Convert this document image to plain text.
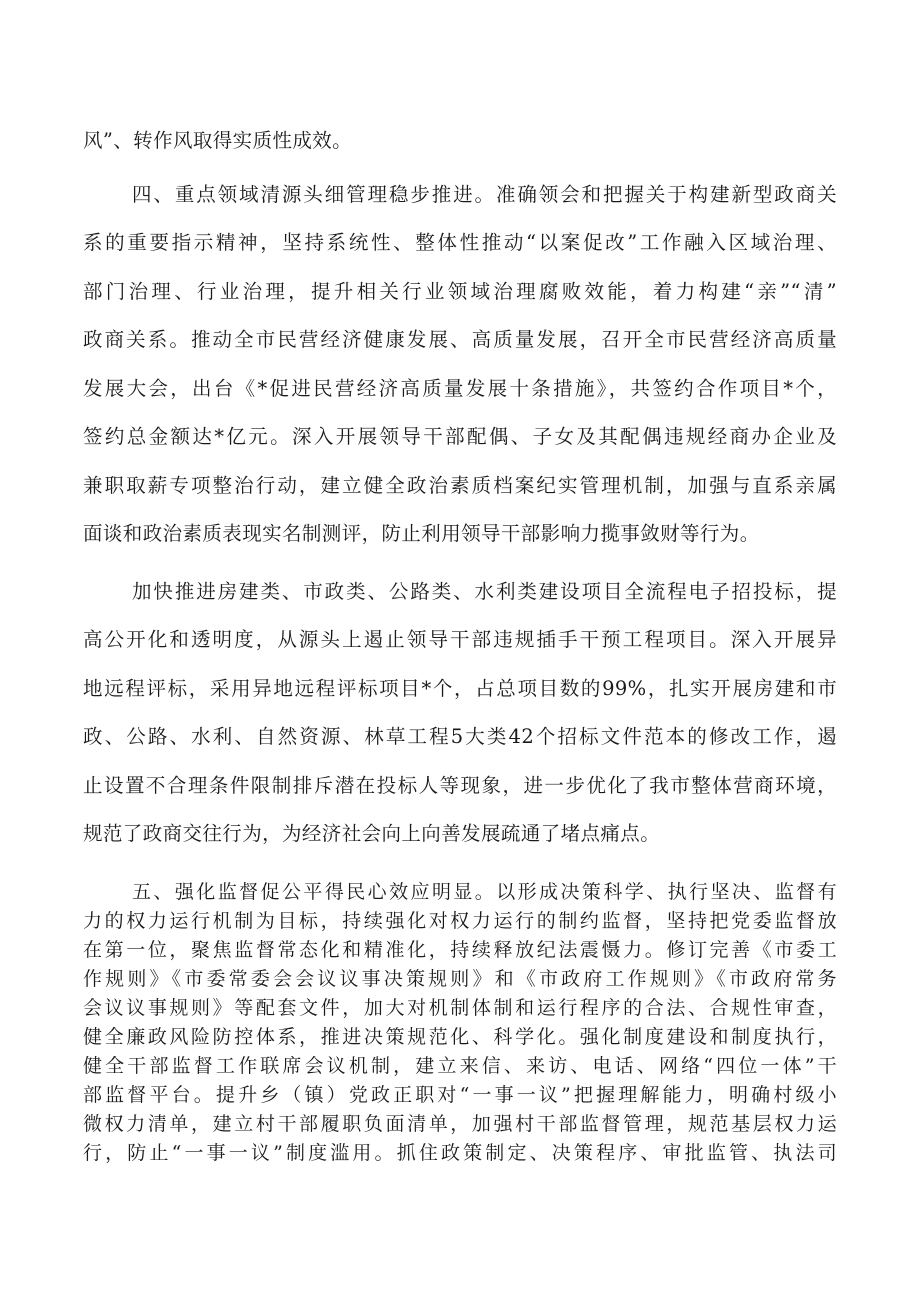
风”、转作风取得实质性成效。
四、重点领域清源头细管理稳步推进。准确领会和把握关于构建新型政商关
系的重要指示精神，坚持系统性、整体性推动“以案促改”工作融入区域治理、
部门治理、行业治理，提升相关行业领域治理腐败效能，着力构建“亲”“清”
政商关系。推动全市民营经济健康发展、高质量发展，召开全市民营经济高质量
发展大会，出台《*促进民营经济高质量发展十条措施》，共签约合作项目*个，
签约总金额达*亿元。深入开展领导干部配偶、子女及其配偶违规经商办企业及
兼职取薪专项整治行动，建立健全政治素质档案纪实管理机制，加强与直系亲属
面谈和政治素质表现实名制测评，防止利用领导干部影响力揽事敛财等行为。
加快推进房建类、市政类、公路类、水利类建设项目全流程电子招投标，提
高公开化和透明度，从源头上遏止领导干部违规插手干预工程项目。深入开展异
地远程评标，采用异地远程评标项目*个，占总项目数的99%，扎实开展房建和市
政、公路、水利、自然资源、林草工程5大类42个招标文件范本的修改工作，遏
止设置不合理条件限制排斥潜在投标人等现象，进一步优化了我市整体营商环境，
规范了政商交往行为，为经济社会向上向善发展疏通了堵点痛点。
五、强化监督促公平得民心效应明显。以形成决策科学、执行坚决、监督有
力的权力运行机制为目标，持续强化对权力运行的制约监督，坚持把党委监督放
在第一位，聚焦监督常态化和精准化，持续释放纪法震慑力。修订完善《市委工
作规则》《市委常委会会议议事决策规则》和《市政府工作规则》《市政府常务
会议议事规则》等配套文件，加大对机制体制和运行程序的合法、合规性审查，
健全廉政风险防控体系，推进决策规范化、科学化。强化制度建设和制度执行，
健全干部监督工作联席会议机制，建立来信、来访、电话、网络“四位一体”干
部监督平台。提升乡（镇）党政正职对“一事一议”把握理解能力，明确村级小
微权力清单，建立村干部履职负面清单，加强村干部监督管理，规范基层权力运
行，防止“一事一议”制度滥用。抓住政策制定、决策程序、审批监管、执法司
